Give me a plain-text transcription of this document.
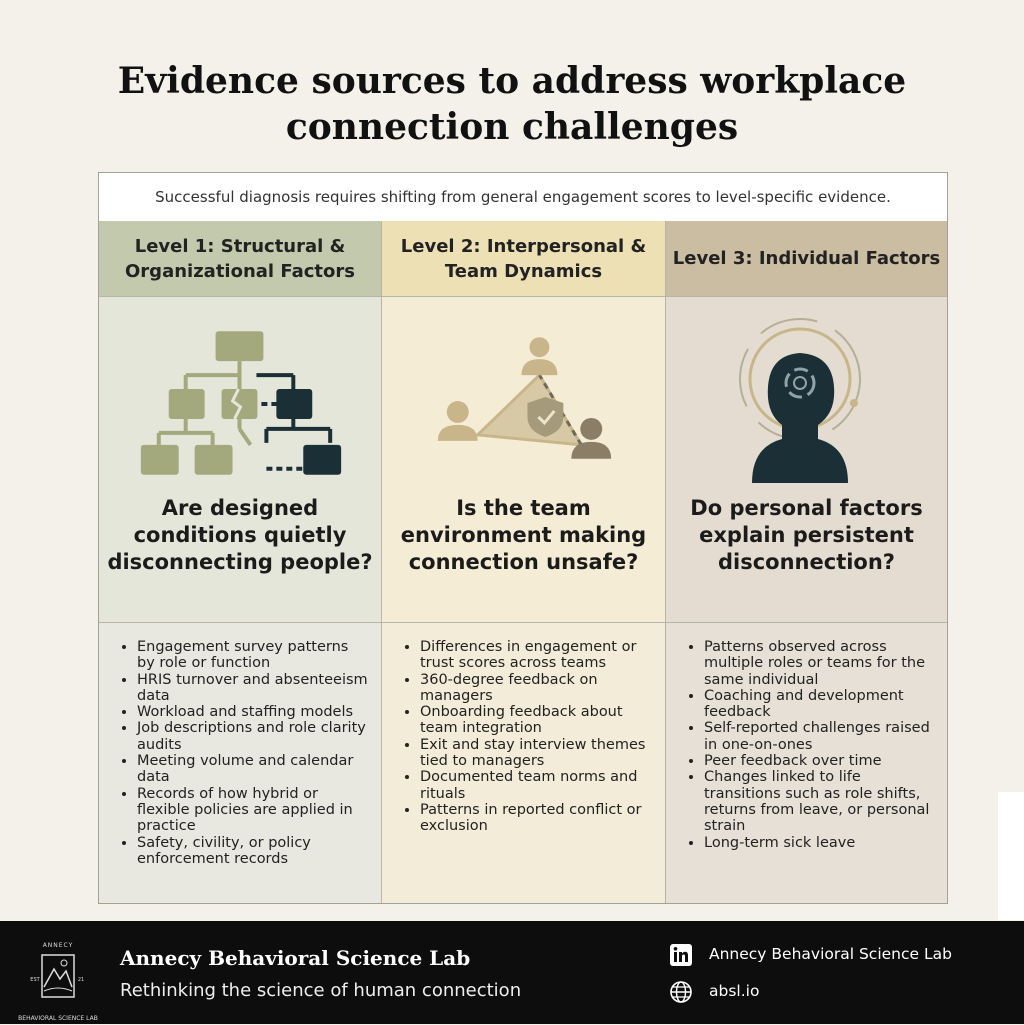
Evidence sources to address workplace connection challenges
Successful diagnosis requires shifting from general engagement scores to level-specific evidence.
Level 1: Structural & Organizational Factors
Are designed conditions quietly disconnecting people?
• Engagement survey patterns by role or function
• HRIS turnover and absenteeism data
• Workload and staffing models
• Job descriptions and role clarity audits
• Meeting volume and calendar data
• Records of how hybrid or flexible policies are applied in practice
• Safety, civility, or policy enforcement records
Level 2: Interpersonal & Team Dynamics
Is the team environment making connection unsafe?
• Differences in engagement or trust scores across teams
• 360-degree feedback on managers
• Onboarding feedback about team integration
• Exit and stay interview themes tied to managers
• Documented team norms and rituals
• Patterns in reported conflict or exclusion
Level 3: Individual Factors
Do personal factors explain persistent disconnection?
• Patterns observed across multiple roles or teams for the same individual
• Coaching and development feedback
• Self-reported challenges raised in one-on-ones
• Peer feedback over time
• Changes linked to life transitions such as role shifts, returns from leave, or personal strain
• Long-term sick leave
ANNECY
EST	21
BEHAVIORAL SCIENCE LAB
Annecy Behavioral Science Lab
Rethinking the science of human connection
Annecy Behavioral Science Lab
absl.io
